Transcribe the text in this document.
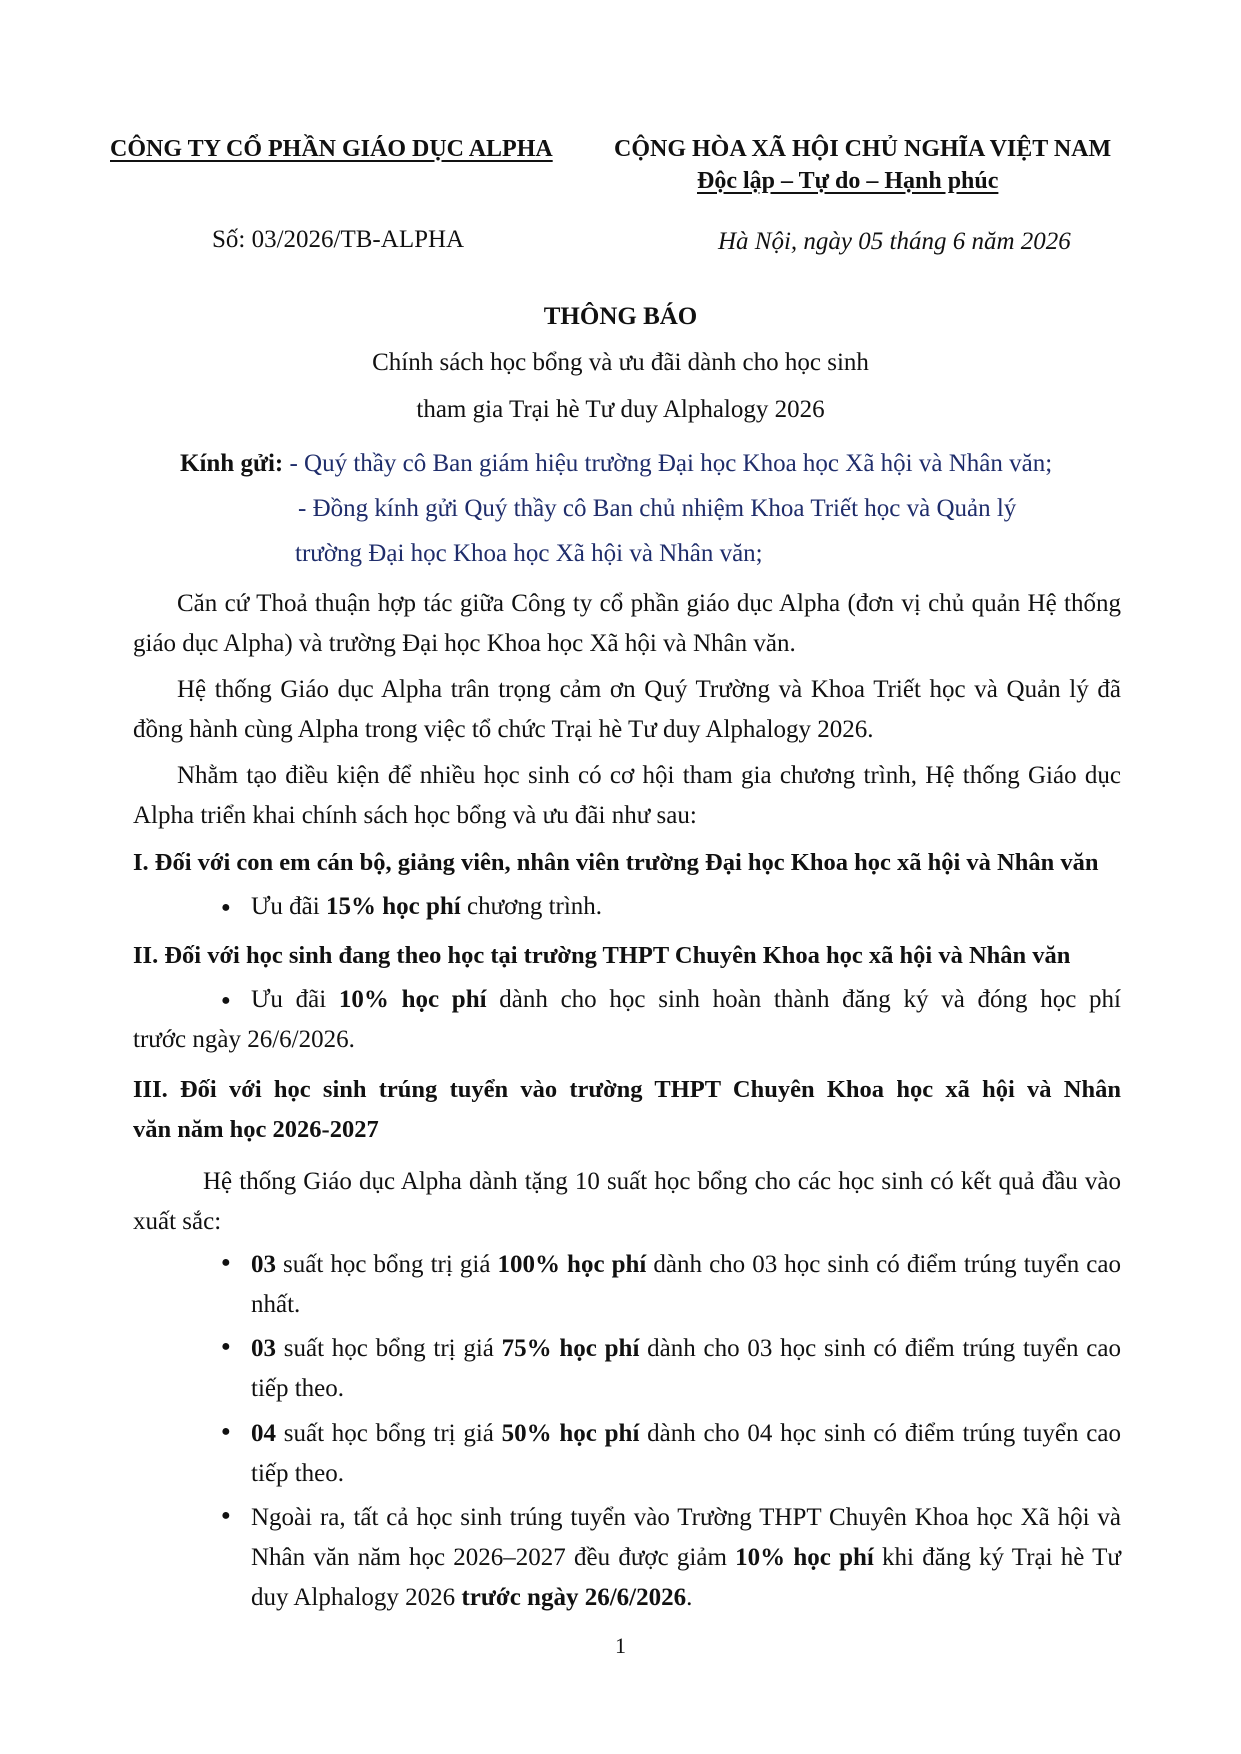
CÔNG TY CỔ PHẦN GIÁO DỤC ALPHA	CỘNG HÒA XÃ HỘI CHỦ NGHĨA VIỆT NAM
Độc lập – Tự do – Hạnh phúc
Số: 03/2026/TB-ALPHA	Hà Nội, ngày 05 tháng 6 năm 2026
THÔNG BÁO
Chính sách học bổng và ưu đãi dành cho học sinh
tham gia Trại hè Tư duy Alphalogy 2026
Kính gửi: - Quý thầy cô Ban giám hiệu trường Đại học Khoa học Xã hội và Nhân văn;
- Đồng kính gửi Quý thầy cô Ban chủ nhiệm Khoa Triết học và Quản lý
trường Đại học Khoa học Xã hội và Nhân văn;
Căn cứ Thoả thuận hợp tác giữa Công ty cổ phần giáo dục Alpha (đơn vị chủ quản Hệ thống giáo dục Alpha) và trường Đại học Khoa học Xã hội và Nhân văn.
Hệ thống Giáo dục Alpha trân trọng cảm ơn Quý Trường và Khoa Triết học và Quản lý đã đồng hành cùng Alpha trong việc tổ chức Trại hè Tư duy Alphalogy 2026.
Nhằm tạo điều kiện để nhiều học sinh có cơ hội tham gia chương trình, Hệ thống Giáo dục Alpha triển khai chính sách học bổng và ưu đãi như sau:
I. Đối với con em cán bộ, giảng viên, nhân viên trường Đại học Khoa học xã hội và Nhân văn
● Ưu đãi 15% học phí chương trình.
II. Đối với học sinh đang theo học tại trường THPT Chuyên Khoa học xã hội và Nhân văn
● Ưu đãi 10% học phí dành cho học sinh hoàn thành đăng ký và đóng học phí
trước ngày 26/6/2026.
III. Đối với học sinh trúng tuyển vào trường THPT Chuyên Khoa học xã hội và Nhân
văn năm học 2026-2027
Hệ thống Giáo dục Alpha dành tặng 10 suất học bổng cho các học sinh có kết quả đầu vào xuất sắc:
● 03 suất học bổng trị giá 100% học phí dành cho 03 học sinh có điểm trúng tuyển cao nhất.
● 03 suất học bổng trị giá 75% học phí dành cho 03 học sinh có điểm trúng tuyển cao tiếp theo.
● 04 suất học bổng trị giá 50% học phí dành cho 04 học sinh có điểm trúng tuyển cao tiếp theo.
● Ngoài ra, tất cả học sinh trúng tuyển vào Trường THPT Chuyên Khoa học Xã hội và Nhân văn năm học 2026–2027 đều được giảm 10% học phí khi đăng ký Trại hè Tư duy Alphalogy 2026 trước ngày 26/6/2026.
1
